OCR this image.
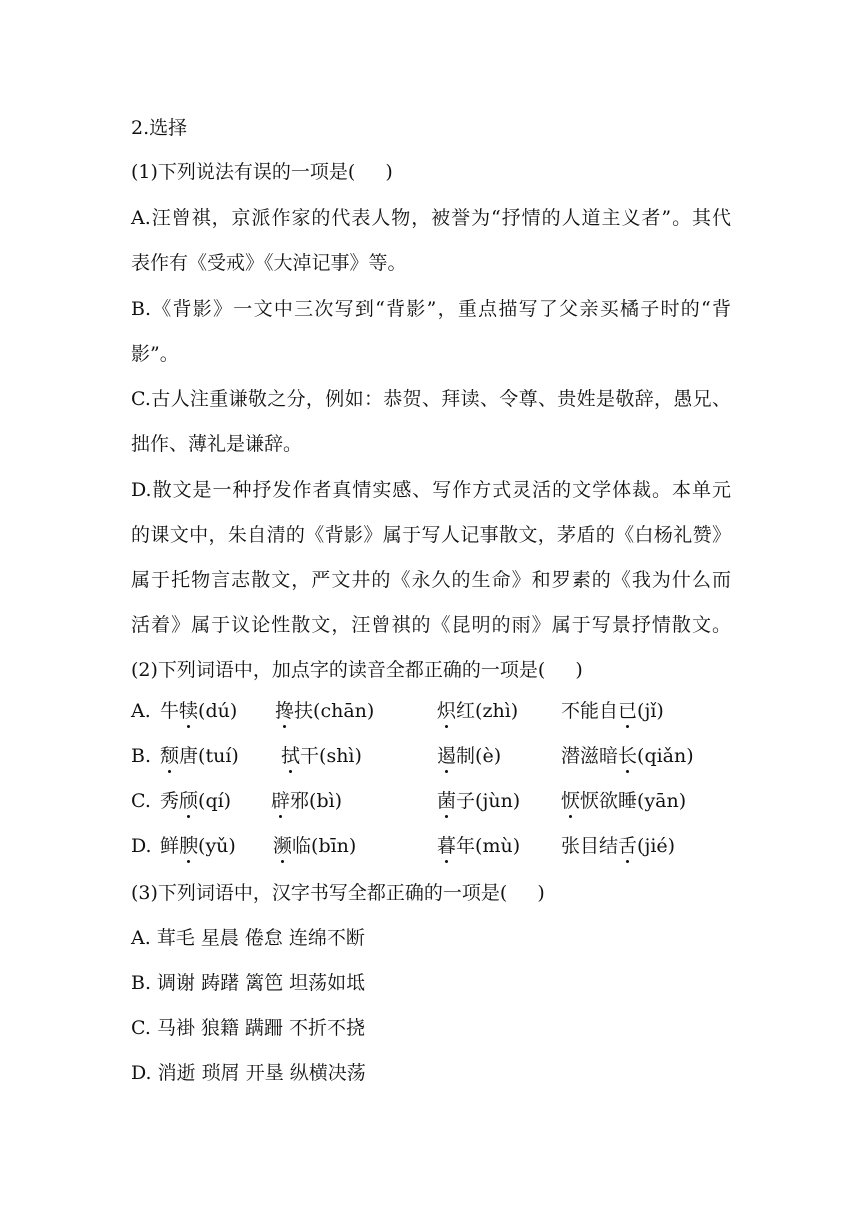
2.选择
(1)下列说法有误的一项是( )
A.汪曾祺，京派作家的代表人物，被誉为“抒情的人道主义者”。其代
表作有《受戒》《大淖记事》等。
B.《背影》一文中三次写到“背影”，重点描写了父亲买橘子时的“背
影”。
C.古人注重谦敬之分，例如：恭贺、拜读、令尊、贵姓是敬辞，愚兄、
拙作、薄礼是谦辞。
D.散文是一种抒发作者真情实感、写作方式灵活的文学体裁。本单元
的课文中，朱自清的《背影》属于写人记事散文，茅盾的《白杨礼赞》
属于托物言志散文，严文井的《永久的生命》和罗素的《我为什么而
活着》属于议论性散文，汪曾祺的《昆明的雨》属于写景抒情散文。
(2)下列词语中，加点字的读音全都正确的一项是( )
A. 牛犊(dú) 搀扶(chān)	炽红(zhì) 不能自已(jǐ)
B. 颓唐(tuí) 拭干(shì)	遏制(è)	潜滋暗长(qiǎn)
C. 秀颀(qí) 辟邪(bì)	菌子(jùn) 恹恹欲睡(yān)
D. 鲜腴(yǔ) 濒临(bīn)	暮年(mù) 张目结舌(jié)
(3)下列词语中，汉字书写全都正确的一项是( )
A. 茸毛 星晨 倦怠 连绵不断
B. 调谢 踌躇 篱笆 坦荡如坻
C. 马褂 狼籍 蹒跚 不折不挠
D. 消逝 琐屑 开垦 纵横决荡
